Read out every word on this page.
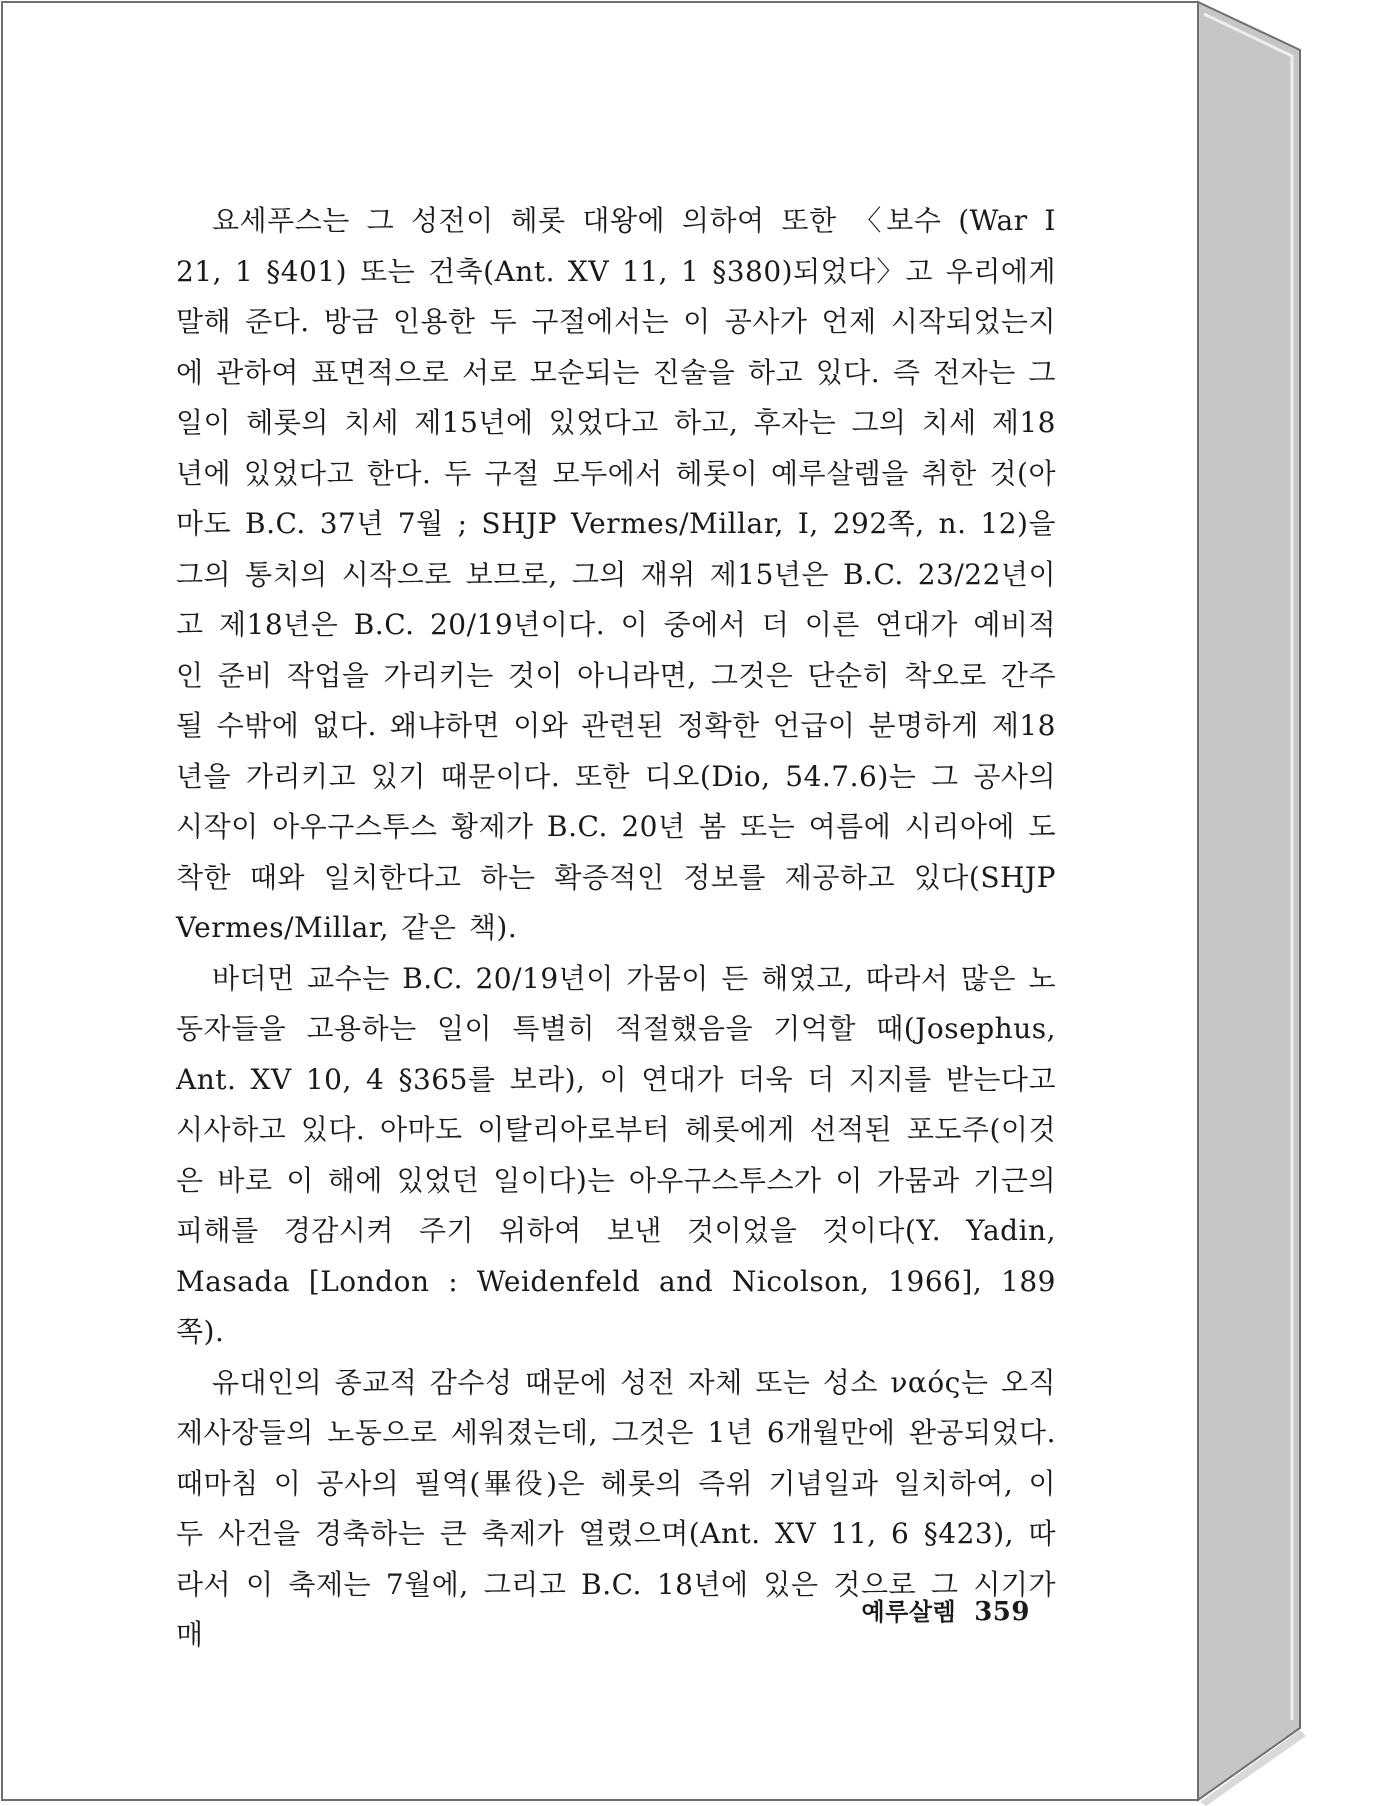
요세푸스는 그 성전이 헤롯 대왕에 의하여 또한 〈보수 (War I 21, 1 §401) 또는 건축(Ant. XV 11, 1 §380)되었다〉고 우리에게 말해 준다. 방금 인용한 두 구절에서는 이 공사가 언제 시작되었는지에 관하여 표면적으로 서로 모순되는 진술을 하고 있다. 즉 전자는 그 일이 헤롯의 치세 제15년에 있었다고 하고, 후자는 그의 치세 제18년에 있었다고 한다. 두 구절 모두에서 헤롯이 예루살렘을 취한 것(아마도 B.C. 37년 7월 ; SHJP Vermes/Millar, I, 292쪽, n. 12)을 그의 통치의 시작으로 보므로, 그의 재위 제15년은 B.C. 23/22년이고 제18년은 B.C. 20/19년이다. 이 중에서 더 이른 연대가 예비적인 준비 작업을 가리키는 것이 아니라면, 그것은 단순히 착오로 간주될 수밖에 없다. 왜냐하면 이와 관련된 정확한 언급이 분명하게 제18년을 가리키고 있기 때문이다. 또한 디오(Dio, 54.7.6)는 그 공사의 시작이 아우구스투스 황제가 B.C. 20년 봄 또는 여름에 시리아에 도착한 때와 일치한다고 하는 확증적인 정보를 제공하고 있다(SHJP Vermes/Millar, 같은 책).

바더먼 교수는 B.C. 20/19년이 가뭄이 든 해였고, 따라서 많은 노동자들을 고용하는 일이 특별히 적절했음을 기억할 때(Josephus, Ant. XV 10, 4 §365를 보라), 이 연대가 더욱 더 지지를 받는다고 시사하고 있다. 아마도 이탈리아로부터 헤롯에게 선적된 포도주(이것은 바로 이 해에 있었던 일이다)는 아우구스투스가 이 가뭄과 기근의 피해를 경감시켜 주기 위하여 보낸 것이었을 것이다(Y. Yadin, Masada [London : Weidenfeld and Nicolson, 1966], 189쪽).

유대인의 종교적 감수성 때문에 성전 자체 또는 성소 ναός는 오직 제사장들의 노동으로 세워졌는데, 그것은 1년 6개월만에 완공되었다. 때마침 이 공사의 필역(畢役)은 헤롯의 즉위 기념일과 일치하여, 이 두 사건을 경축하는 큰 축제가 열렸으며(Ant. XV 11, 6 §423), 따라서 이 축제는 7월에, 그리고 B.C. 18년에 있은 것으로 그 시기가 매

예루살렘 359
